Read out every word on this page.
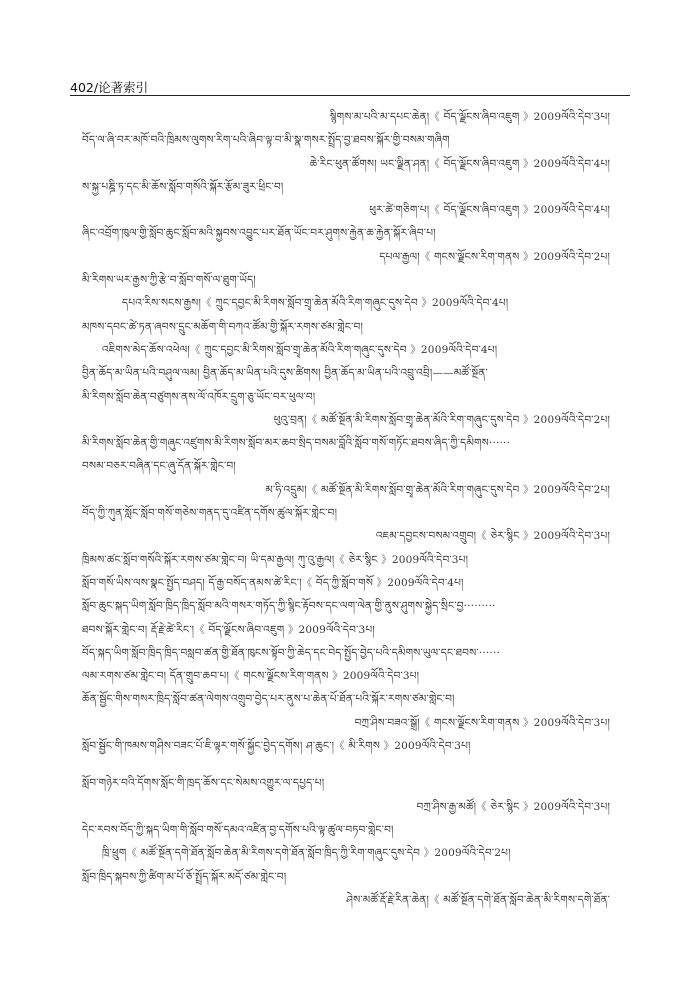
402/论著索引
སྙིགས་མ་པའི་མ་དཔང་ཆེན།《 བོད་ལྗོངས་ཞིབ་འཇུག 》2009ལོའི་དེབ་3པ།
བོད་ལ་ཞི་བར་མཁོ་བའི་ཁྲིམས་ལུགས་རིག་པའི་ཞིབ་ལྟ་བ་མི་སྣ་གསར་སྤྲོད་བྱ་ཐབས་སྐོར་གྱི་བསམ་གཞིག
ཆེ་རིང་ཕུན་ཚོགས། ཡང་ལྗིན་ཤན།《 བོད་ལྗོངས་ཞིབ་འཇུག 》2009ལོའི་དེབ་4པ།
ས་སྐྱ་པཎྜི་ཏ་དང་མི་ཆོས་སློབ་གསོའི་སྐོར་རྩོམ་ཟུར་ཕྲིང་བ།
ཕུར་ཚེ་གཅིག་པ།《 བོད་ལྗོངས་ཞིབ་འཇུག 》2009ལོའི་དེབ་4པ།
ཞིང་འབྲོག་ཁུལ་གྱི་སློབ་ཆུང་སློབ་མའི་སྐྱབས་འབྱུང་པར་ཐོན་ཡོང་བར་ཤུགས་རྐྱེན་ཆ་རྐྱེན་སྐོར་ཞིབ་པ།
དཔལ་རྒྱལ།《 གངས་ལྗོངས་རིག་གནས 》2009ལོའི་དེབ་2པ།
མི་རིགས་ཡར་རྒྱས་ཀྱི་རྩེ་བ་སློབ་གསོ་ལ་ཐུག་ཡོད།
དཔའ་རིས་སངས་རྒྱས།《 ཀྲུང་དབྱང་མི་རིགས་སློབ་གྲྭ་ཆེན་མོའི་རིག་གཞུང་དུས་དེབ 》2009ལོའི་དེབ་4པ།
མཁས་དབང་ཚེ་ཏན་ཞབས་དྲུང་མཆོག་གི་བཀའ་ཚོམ་གྱི་སྐོར་རགས་ཙམ་གླེང་བ།
འཇིགས་མེད་ཆོས་འཕེལ།《 ཀྲུང་དབྱང་མི་རིགས་སློབ་གྲྭ་ཆེན་མོའི་རིག་གཞུང་དུས་དེབ 》2009ལོའི་དེབ་4པ།
བྱིན་ཆོད་མ་ཡིན་པའི་བཤུལ་ལམ། བྱིན་ཆོད་མ་ཡིན་པའི་དུས་ཚིགས། བྱིན་ཆོད་མ་ཡིན་པའི་འབྲུ་འབྲི།——མཚོ་སྔོན་
མི་རིགས་སློབ་ཆེན་བཙུགས་ནས་ལོ་འཁོར་དྲུག་ཅུ་ཡོང་བར་ཕུལ་བ།
ཕུའུ་བྲན།《 མཚོ་སྔོན་མི་རིགས་སློབ་གྲྭ་ཆེན་མོའི་རིག་གཞུང་དུས་དེབ 》2009ལོའི་དེབ་2པ།
མི་རིགས་སློབ་ཆེན་གྱི་གཞུང་འཛུགས་མི་རིགས་སློབ་མར་ཆབ་སྲིད་བསམ་བློའི་སློབ་གསོ་གཏོང་ཐབས་ཞིད་ཀྱི་དམིགས······
བསམ་བཅར་བཞིན་དང་ཞུ་དོན་སྐོར་གླེང་བ།
མ་ཧི་འདྲུམ།《 མཚོ་སྔོན་མི་རིགས་སློབ་གྲྭ་ཆེན་མོའི་རིག་གཞུང་དུས་དེབ 》2009ལོའི་དེབ་2པ།
བོད་ཀྱི་ཀུན་སློང་སློབ་གསོ་གཅེས་གནད་དུ་འཛིན་དགོས་ཚུལ་སྐོར་གླེང་བ།
འཇམ་དབྱངས་བསམ་འགྲུབ།《 ཅེར་སྙིང 》2009ལོའི་དེབ་3པ།
ཁྲིམས་ཚང་སློབ་གསོའི་སྐོར་རགས་ཙམ་གླེང་བ། ཡི་དམ་རྒྱལ། ཀུ་འུ་རྒྱལ།《 ཅེར་སྙིང 》2009ལོའི་དེབ་3པ།
སློབ་གསོ་ཡིས་ལས་སྣང་སྤྱོད་བཤད། དོ་རྒྱ་བསོད་ནམས་ཚེ་རིང་།《 བོད་ཀྱི་སློབ་གསོ 》2009ལོའི་དེབ་4པ།
སློབ་ཆུང་སྐད་ཡིག་སློབ་ཁྲིད་ཁྲིད་སློབ་མའི་གསར་གཏོད་ཀྱི་སྙིང་རྟོབས་དང་ལག་ལེན་གྱི་ནུས་ཤུགས་སྐྱེད་སྲིང་བྱ·········
ཐབས་སྐོར་གླེང་བ། རྡོ་རྗེ་ཚེ་རིང་།《 བོད་ལྗོངས་ཞིབ་འཇུག 》2009ལོའི་དེབ་3པ།
བོད་སྐད་ཡིག་སློབ་ཁྲིད་ཁྲིད་བསླབ་ཚན་གྱི་ཐོན་ཁུངས་སྟོབ་ཀྱི་ཆེད་དང་བེད་སྤྱོད་བྱེད་པའི་དམིགས་ཡུལ་དང་ཐབས་······
ལམ་རགས་ཙམ་གླེང་བ། དོན་གྲུབ་ཆབ་པ།《 གངས་ལྗོངས་རིག་གནས 》2009ལོའི་དེབ་3པ།
ཆོན་སྦྱོང་གིས་གསར་ཁྲིད་སློབ་ཚན་ལེགས་འགྲུབ་བྱེད་པར་ནུས་པ་ཆེན་པོ་ཐོན་པའི་སྐོར་རགས་ཙམ་གླེང་བ།
བཀྲ་ཤིས་བཟའ་སྒྲོ།《 གངས་ལྗོངས་རིག་གནས 》2009ལོའི་དེབ་3པ།
སློབ་སྦྱོང་གི་ཁམས་གཤིས་བཟང་པོ་ཇི་ལྟར་གསོ་སྐྱོང་བྱེད་དགོས། ཤ་ཆུང་།《 མི་རིགས 》2009ལོའི་དེབ་3པ།
སློབ་གཉེར་བའི་དོགས་སློང་གི་ཁྲད་ཆོས་དང་སེམས་འགྱུར་ལ་དཔྱད་པ།
བཀྲ་ཤིས་རྒྱ་མཚོ།《 ཅེར་སྙིང 》2009ལོའི་དེབ་3པ།
དེང་རབས་བོད་ཀྱི་སྐད་ཡིག་གི་སློབ་གསོ་དམའ་འཛིན་བྱ་དགོས་པའི་ལྟ་ཚུལ་བཏབ་གླེང་བ།
ཁྲི་ཕྲུག《 མཚོ་སྔོན་དགེ་ཐོན་སློབ་ཆེན་མི་རིགས་དགེ་ཐོན་སློབ་ཁྲིད་ཀྱི་རིག་གཞུང་དུས་དེབ 》2009ལོའི་དེབ་2པ།
སློབ་ཁྲིད་སྐབས་ཀྱི་ཚིག་མ་པོ་ཅོ་སྤྲོད་སྐོར་མདོ་ཙམ་གླེང་བ།
ཤེས་མཚོ་རྡོ་རྗེ་རིན་ཆེན།《 མཚོ་སྔོན་དགེ་ཐོན་སློབ་ཆེན་མི་རིགས་དགེ་ཐོན་
